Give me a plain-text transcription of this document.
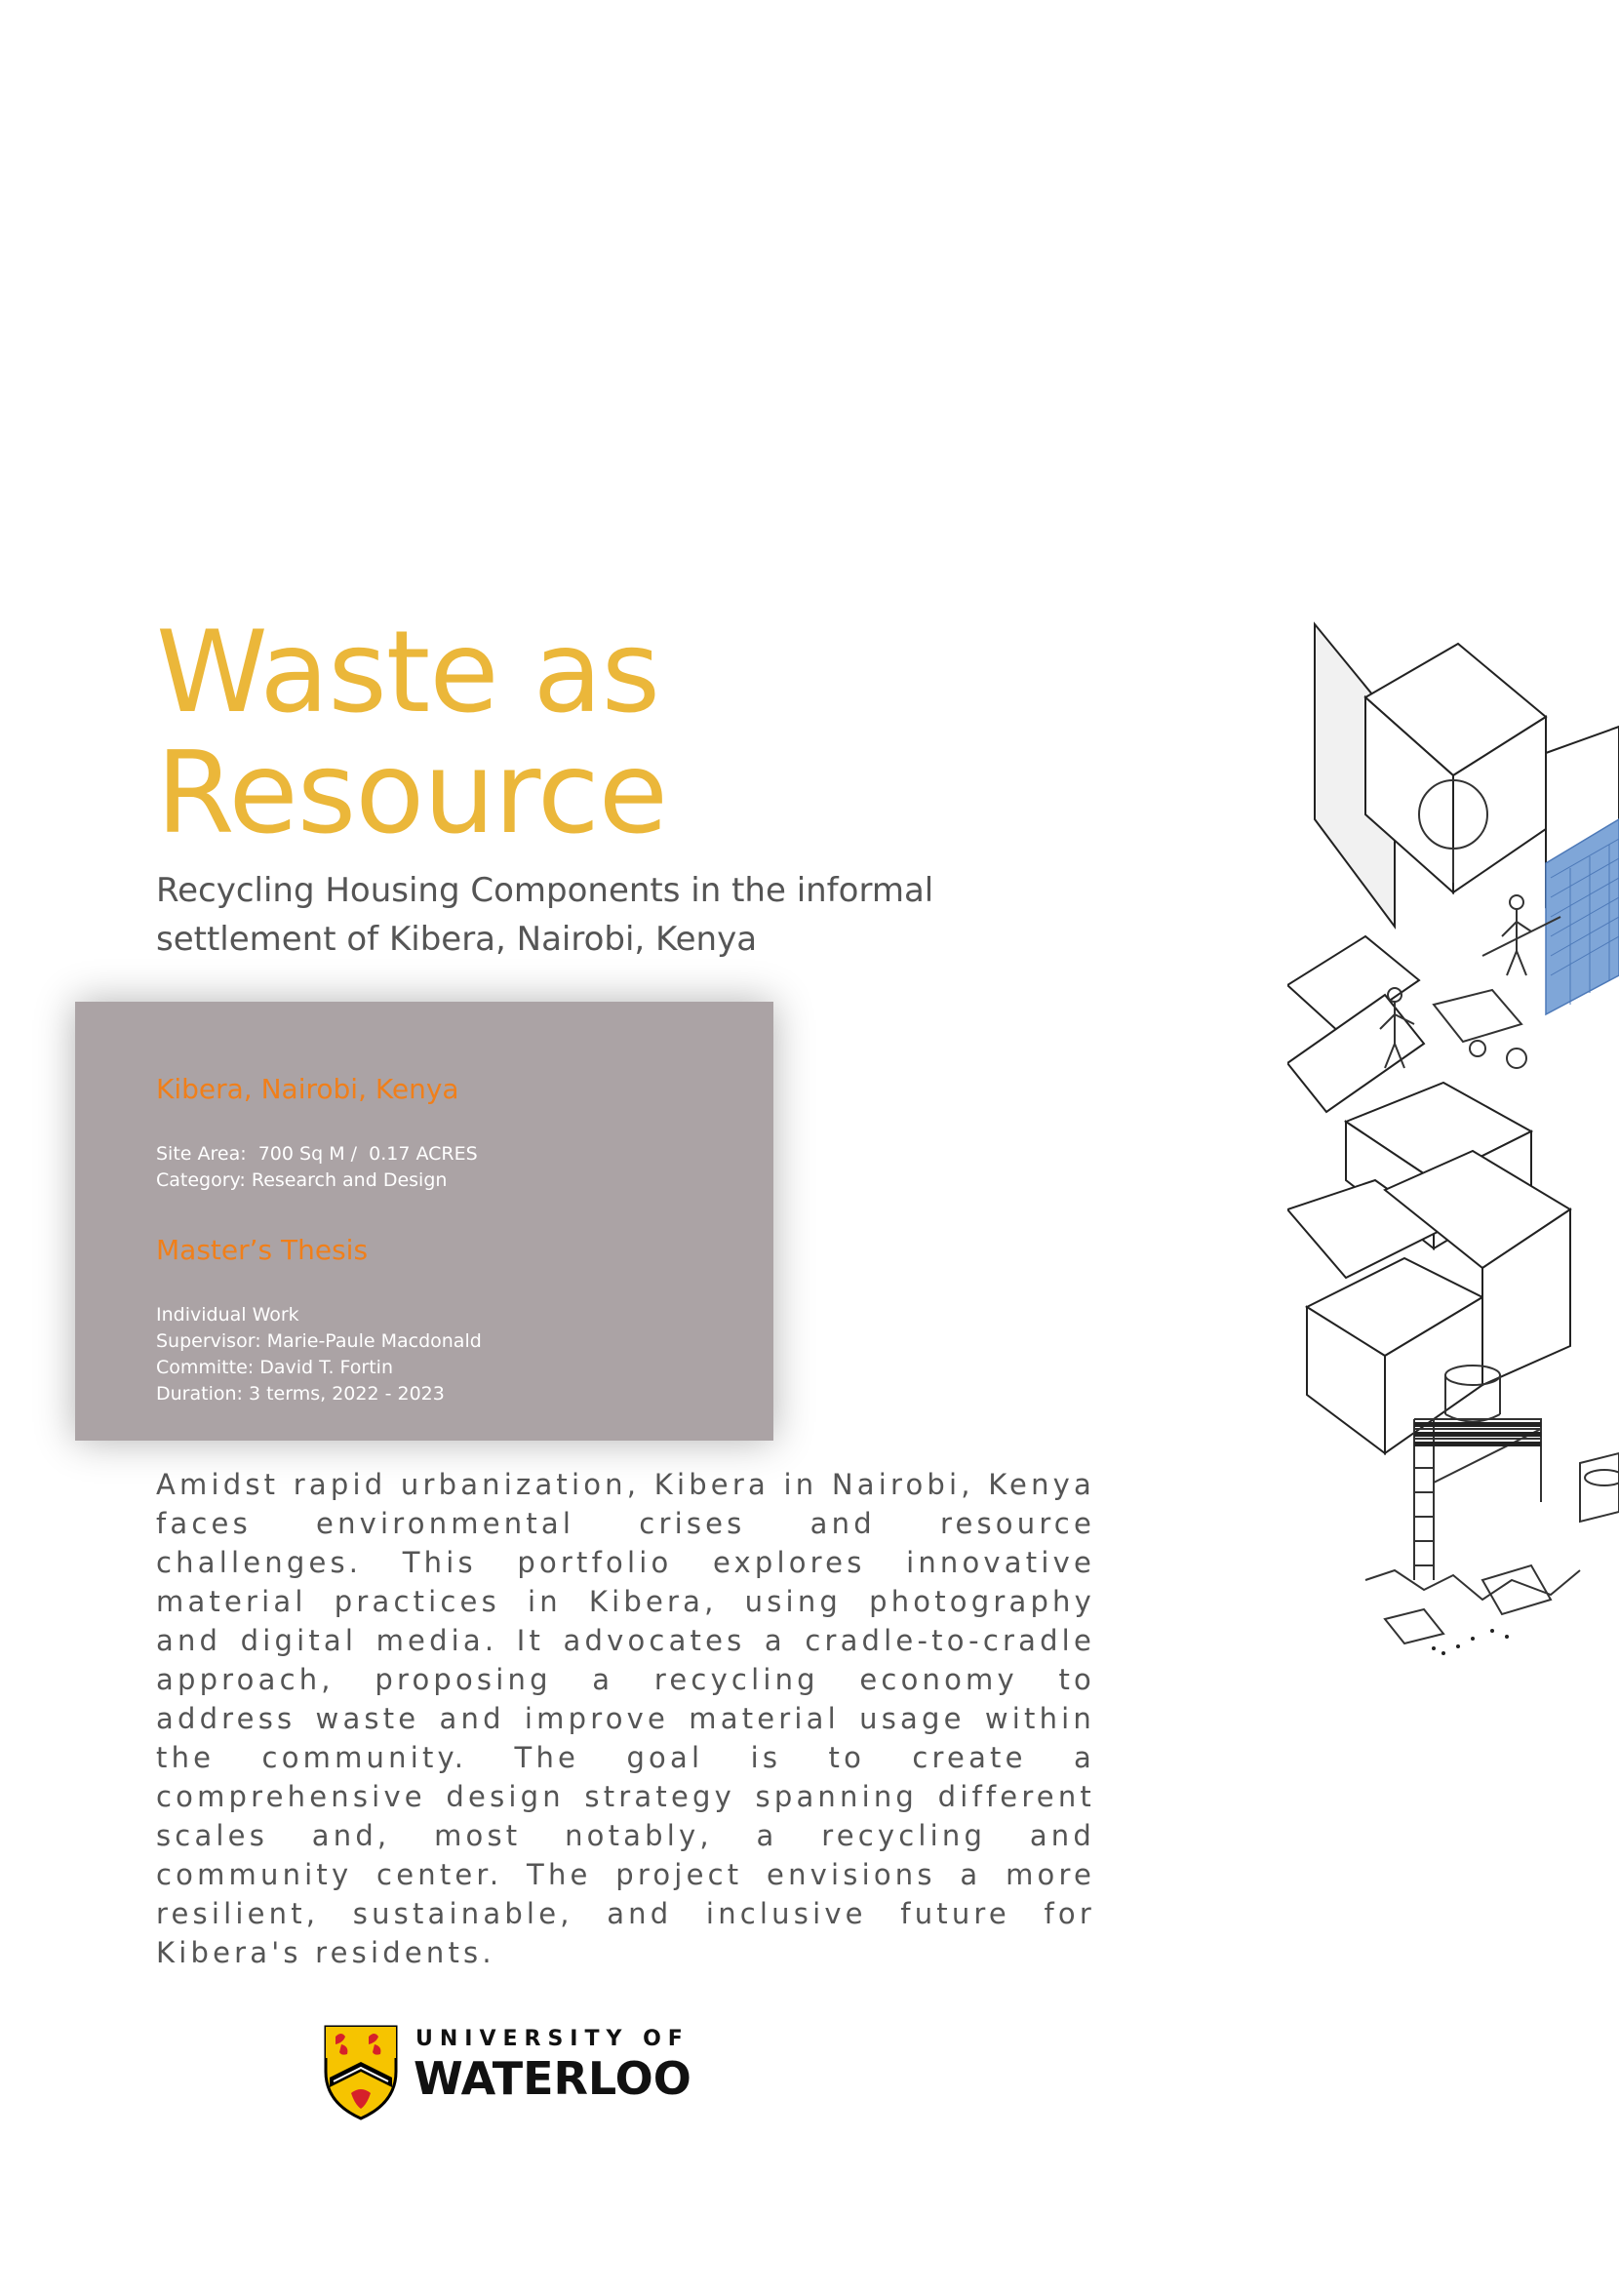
Waste as
Resource
Recycling Housing Components in the informal
settlement of Kibera, Nairobi, Kenya
Kibera, Nairobi, Kenya
Site Area:  700 Sq M /  0.17 ACRES
Category: Research and Design
Master’s Thesis
Individual Work
Supervisor: Marie-Paule Macdonald
Committe: David T. Fortin
Duration: 3 terms, 2022 - 2023
Amidst rapid urbanization, Kibera in Nairobi, Kenya faces environmental crises and resource challenges. This portfolio explores innovative material practices in Kibera, using photography and digital media. It advocates a cradle-to-cradle approach, proposing a recycling economy to address waste and improve material usage within the community. The goal is to create a comprehensive design strategy spanning different scales and, most notably, a recycling and community center. The project envisions a more resilient, sustainable, and inclusive future for Kibera's residents.
UNIVERSITY OF
WATERLOO
